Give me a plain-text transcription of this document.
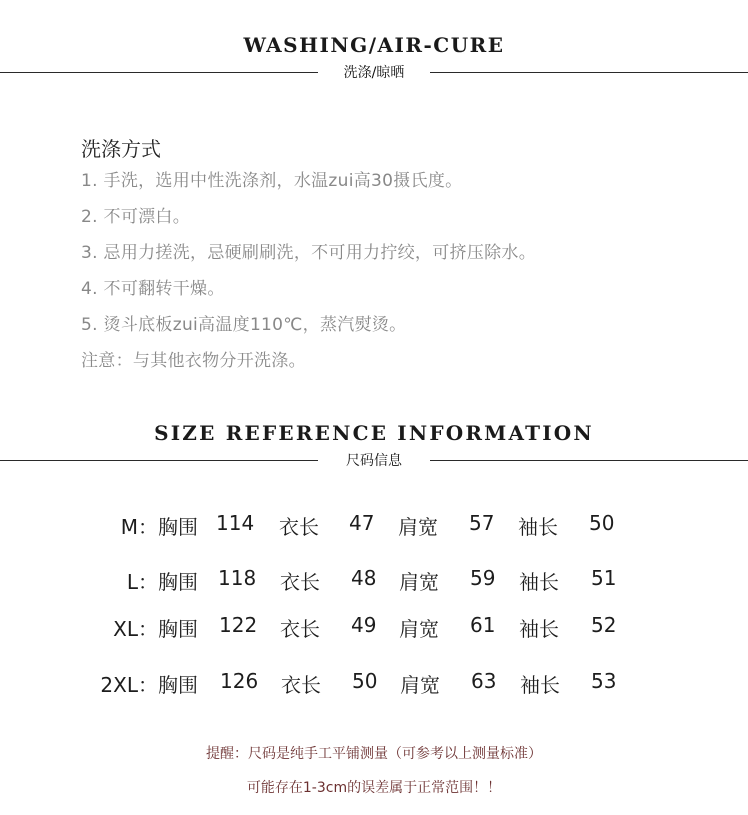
WASHING/AIR-CURE
洗涤/晾晒
洗涤方式
1. 手洗，选用中性洗涤剂，水温zui高30摄氏度。
2. 不可漂白。
3. 忌用力搓洗，忌硬刷刷洗，不可用力拧绞，可挤压除水。
4. 不可翻转干燥。
5. 烫斗底板zui高温度110℃，蒸汽熨烫。
注意：与其他衣物分开洗涤。
SIZE REFERENCE INFORMATION
尺码信息
M： 胸围 114 衣长 47 肩宽 57 袖长 50
L： 胸围 118 衣长 48 肩宽 59 袖长 51
XL： 胸围 122 衣长 49 肩宽 61 袖长 52
2XL： 胸围 126 衣长 50 肩宽 63 袖长 53
提醒：尺码是纯手工平铺测量（可参考以上测量标准）
可能存在1-3cm的误差属于正常范围！！
